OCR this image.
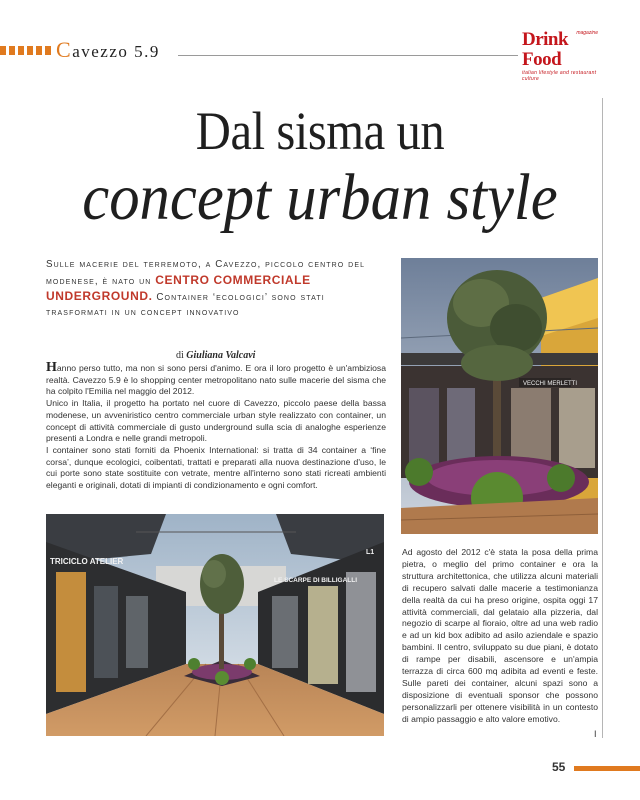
Cavezzo 5.9
magazine
Drink Food
italian lifestyle and restaurant culture
Dal sisma un
concept urban style
Sulle macerie del terremoto, a Cavezzo, piccolo centro del modenese, è nato un CENTRO COMMERCIALE UNDERGROUND. Container ‘ecologici’ sono stati trasformati in un concept innovativo
di Giuliana Valcavi

Hanno perso tutto, ma non si sono persi d'animo. E ora il loro progetto è un'ambiziosa realtà. Cavezzo 5.9 è lo shopping center metropolitano nato sulle macerie del sisma che ha colpito l'Emilia nel maggio del 2012.

Unico in Italia, il progetto ha portato nel cuore di Cavezzo, piccolo paese della bassa modenese, un avveniristico centro commerciale urban style realizzato con container, un concept di attività commerciale di gusto underground sulla scia di analoghe esperienze presenti a Londra e nelle grandi metropoli.

I container sono stati forniti da Phoenix International: si tratta di 34 container a ‘fine corsa’, dunque ecologici, coibentati, trattati e preparati alla nuova destinazione d'uso, le cui porte sono state sostituite con vetrate, mentre all'interno sono stati ricreati ambienti eleganti e originali, dotati di impianti di condizionamento e ogni comfort.

VECCHI MERLETTI
TRICICLO ATELIER
LE SCARPE DI BILLIGALLI
L1	Ad agosto del 2012 c'è stata la posa della prima pietra, o meglio del primo container e ora la struttura architettonica, che utilizza alcuni materiali di recupero salvati dalle macerie a testimonianza della realtà da cui ha preso origine, ospita oggi 17 attività commerciali, dal gelataio alla pizzeria, dal negozio di scarpe al fioraio, oltre ad una web radio e ad un kid box adibito ad asilo aziendale e spazio bambini. Il centro, sviluppato su due piani, è dotato di rampe per disabili, ascensore e un'ampia terrazza di circa 600 mq adibita ad eventi e feste. Sulle pareti dei container, alcuni spazi sono a disposizione di eventuali sponsor che possono personalizzarli per ottenere visibilità in un contesto di ampio passaggio e alto valore emotivo.

I
55
